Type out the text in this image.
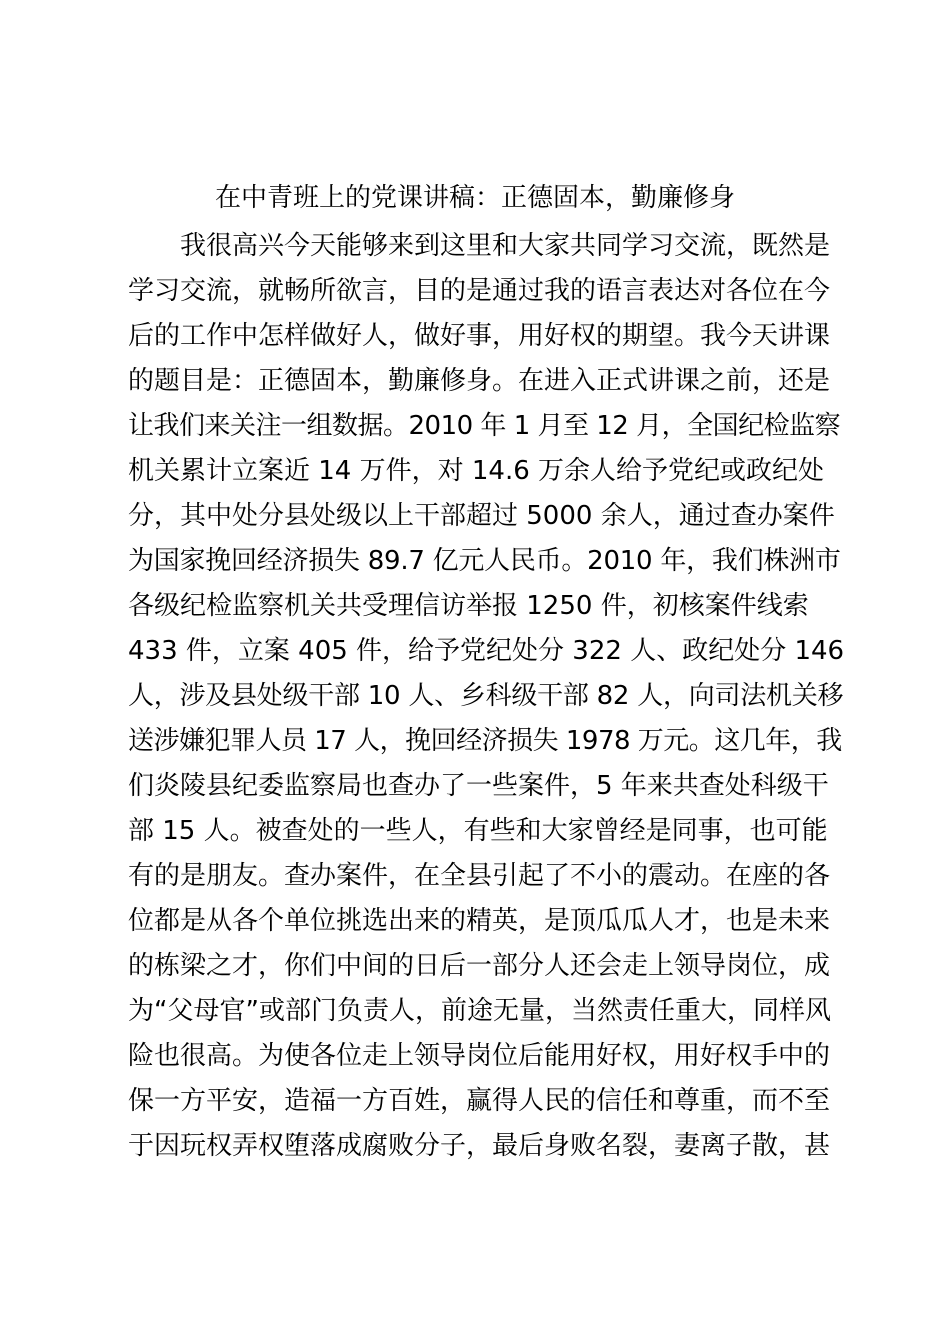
在中青班上的党课讲稿：正德固本，勤廉修身
我很高兴今天能够来到这里和大家共同学习交流，既然是
学习交流，就畅所欲言，目的是通过我的语言表达对各位在今
后的工作中怎样做好人，做好事，用好权的期望。我今天讲课
的题目是：正德固本，勤廉修身。在进入正式讲课之前，还是
让我们来关注一组数据。2010 年 1 月至 12 月，全国纪检监察
机关累计立案近 14 万件，对 14.6 万余人给予党纪或政纪处
分，其中处分县处级以上干部超过 5000 余人，通过查办案件
为国家挽回经济损失 89.7 亿元人民币。2010 年，我们株洲市
各级纪检监察机关共受理信访举报 1250 件，初核案件线索
433 件，立案 405 件，给予党纪处分 322 人、政纪处分 146
人，涉及县处级干部 10 人、乡科级干部 82 人，向司法机关移
送涉嫌犯罪人员 17 人，挽回经济损失 1978 万元。这几年，我
们炎陵县纪委监察局也查办了一些案件，5 年来共查处科级干
部 15 人。被查处的一些人，有些和大家曾经是同事，也可能
有的是朋友。查办案件，在全县引起了不小的震动。在座的各
位都是从各个单位挑选出来的精英，是顶瓜瓜人才，也是未来
的栋梁之才，你们中间的日后一部分人还会走上领导岗位，成
为“父母官”或部门负责人，前途无量，当然责任重大，同样风
险也很高。为使各位走上领导岗位后能用好权，用好权手中的
保一方平安，造福一方百姓，赢得人民的信任和尊重，而不至
于因玩权弄权堕落成腐败分子，最后身败名裂，妻离子散，甚
